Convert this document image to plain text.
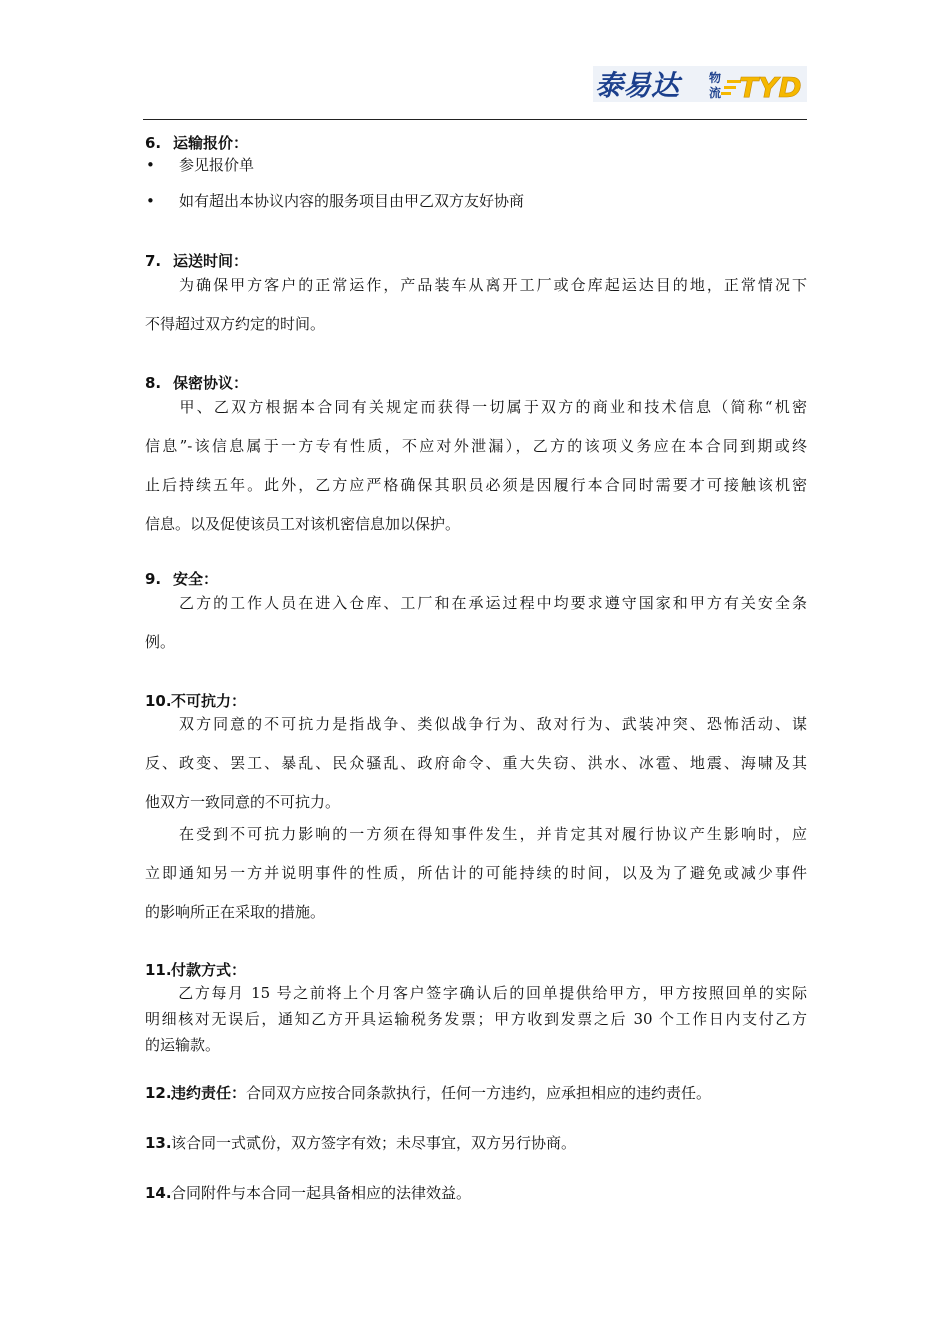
泰易达	物
流 TYD
6. 运输报价：
• 参见报价单
• 如有超出本协议内容的服务项目由甲乙双方友好协商
7. 运送时间：
　　为确保甲方客户的正常运作，产品装车从离开工厂或仓库起运达目的地，正常情况下
不得超过双方约定的时间。
8. 保密协议：
　　甲、乙双方根据本合同有关规定而获得一切属于双方的商业和技术信息（简称“机密
信息”-该信息属于一方专有性质，不应对外泄漏），乙方的该项义务应在本合同到期或终
止后持续五年。此外，乙方应严格确保其职员必须是因履行本合同时需要才可接触该机密
信息。以及促使该员工对该机密信息加以保护。
9. 安全：
　　乙方的工作人员在进入仓库、工厂和在承运过程中均要求遵守国家和甲方有关安全条
例。
10.不可抗力：
　　双方同意的不可抗力是指战争、类似战争行为、敌对行为、武装冲突、恐怖活动、谋
反、政变、罢工、暴乱、民众骚乱、政府命令、重大失窃、洪水、冰雹、地震、海啸及其
他双方一致同意的不可抗力。
　　在受到不可抗力影响的一方须在得知事件发生，并肯定其对履行协议产生影响时，应
立即通知另一方并说明事件的性质，所估计的可能持续的时间，以及为了避免或减少事件
的影响所正在采取的措施。
11.付款方式：
　　乙方每月 15 号之前将上个月客户签字确认后的回单提供给甲方，甲方按照回单的实际
明细核对无误后，通知乙方开具运输税务发票；甲方收到发票之后 30 个工作日内支付乙方
的运输款。
12.违约责任：合同双方应按合同条款执行，任何一方违约，应承担相应的违约责任。
13.该合同一式贰份，双方签字有效；未尽事宜，双方另行协商。
14.合同附件与本合同一起具备相应的法律效益。
